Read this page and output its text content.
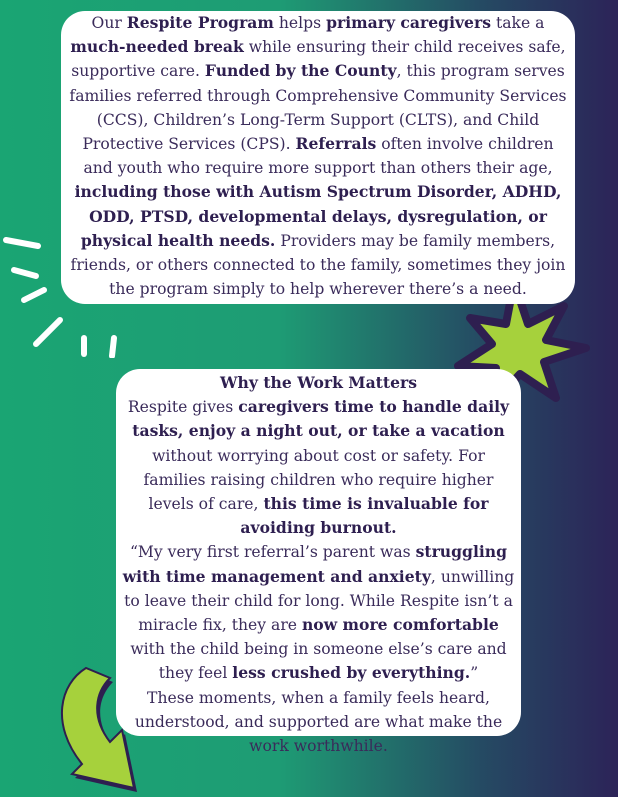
Our Respite Program helps primary caregivers take a much-needed break while ensuring their child receives safe, supportive care. Funded by the County, this program serves families referred through Comprehensive Community Services (CCS), Children’s Long-Term Support (CLTS), and Child Protective Services (CPS). Referrals often involve children and youth who require more support than others their age, including those with Autism Spectrum Disorder, ADHD, ODD, PTSD, developmental delays, dysregulation, or physical health needs. Providers may be family members, friends, or others connected to the family, sometimes they join the program simply to help wherever there’s a need.

Why the Work Matters

Respite gives caregivers time to handle daily tasks, enjoy a night out, or take a vacation without worrying about cost or safety. For families raising children who require higher levels of care, this time is invaluable for avoiding burnout.

“My very first referral’s parent was struggling with time management and anxiety, unwilling to leave their child for long. While Respite isn’t a miracle fix, they are now more comfortable with the child being in someone else’s care and they feel less crushed by everything.”

These moments, when a family feels heard, understood, and supported are what make the work worthwhile.
